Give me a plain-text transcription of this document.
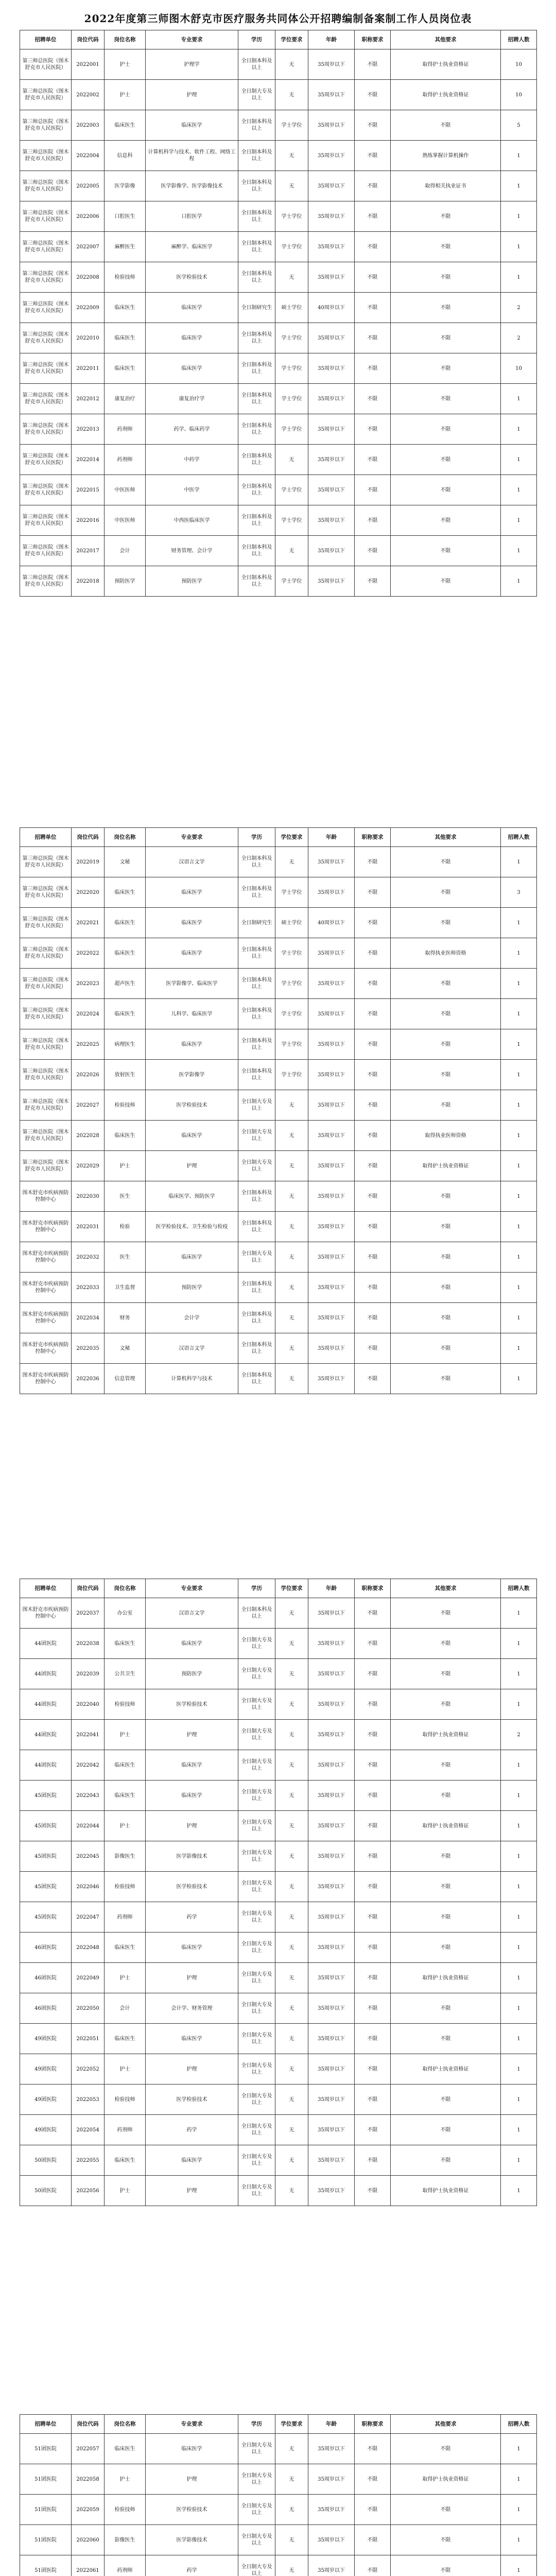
2022年度第三师图木舒克市医疗服务共同体公开招聘编制备案制工作人员岗位表
招聘单位	岗位代码	岗位名称	专业要求	学历	学位要求	年龄	职称要求	其他要求	招聘人数
第三师总医院（图木舒克市人民医院）	2022001	护士	护理学	全日制本科及以上	无	35周岁以下	不限	取得护士执业资格证	10
第三师总医院（图木舒克市人民医院）	2022002	护士	护理	全日制大专及以上	无	35周岁以下	不限	取得护士执业资格证	10
第三师总医院（图木舒克市人民医院）	2022003	临床医生	临床医学	全日制本科及以上	学士学位	35周岁以下	不限	不限	5
第三师总医院（图木舒克市人民医院）	2022004	信息科	计算机科学与技术、软件工程、网络工程	全日制本科及以上	无	35周岁以下	不限	熟练掌握计算机操作	1
第三师总医院（图木舒克市人民医院）	2022005	医学影像	医学影像学、医学影像技术	全日制本科及以上	无	35周岁以下	不限	取得相关执业证书	1
第三师总医院（图木舒克市人民医院）	2022006	口腔医生	口腔医学	全日制本科及以上	学士学位	35周岁以下	不限	不限	1
第三师总医院（图木舒克市人民医院）	2022007	麻醉医生	麻醉学、临床医学	全日制本科及以上	学士学位	35周岁以下	不限	不限	1
第三师总医院（图木舒克市人民医院）	2022008	检验技师	医学检验技术	全日制本科及以上	无	35周岁以下	不限	不限	1
第三师总医院（图木舒克市人民医院）	2022009	临床医生	临床医学	全日制研究生	硕士学位	40周岁以下	不限	不限	2
第三师总医院（图木舒克市人民医院）	2022010	临床医生	临床医学	全日制本科及以上	学士学位	35周岁以下	不限	不限	2
第三师总医院（图木舒克市人民医院）	2022011	临床医生	临床医学	全日制本科及以上	学士学位	35周岁以下	不限	不限	10
第三师总医院（图木舒克市人民医院）	2022012	康复治疗	康复治疗学	全日制本科及以上	学士学位	35周岁以下	不限	不限	1
第三师总医院（图木舒克市人民医院）	2022013	药剂师	药学、临床药学	全日制本科及以上	学士学位	35周岁以下	不限	不限	1
第三师总医院（图木舒克市人民医院）	2022014	药剂师	中药学	全日制本科及以上	无	35周岁以下	不限	不限	1
第三师总医院（图木舒克市人民医院）	2022015	中医医师	中医学	全日制本科及以上	学士学位	35周岁以下	不限	不限	1
第三师总医院（图木舒克市人民医院）	2022016	中医医师	中西医临床医学	全日制本科及以上	学士学位	35周岁以下	不限	不限	1
第三师总医院（图木舒克市人民医院）	2022017	会计	财务管理、会计学	全日制本科及以上	无	35周岁以下	不限	不限	1
第三师总医院（图木舒克市人民医院）	2022018	预防医学	预防医学	全日制本科及以上	学士学位	35周岁以下	不限	不限	1
招聘单位	岗位代码	岗位名称	专业要求	学历	学位要求	年龄	职称要求	其他要求	招聘人数
第三师总医院（图木舒克市人民医院）	2022019	文秘	汉语言文学	全日制本科及以上	无	35周岁以下	不限	不限	1
第三师总医院（图木舒克市人民医院）	2022020	临床医生	临床医学	全日制本科及以上	学士学位	35周岁以下	不限	不限	3
第三师总医院（图木舒克市人民医院）	2022021	临床医生	临床医学	全日制研究生	硕士学位	40周岁以下	不限	不限	1
第三师总医院（图木舒克市人民医院）	2022022	临床医生	临床医学	全日制本科及以上	学士学位	35周岁以下	不限	取得执业医师资格	1
第三师总医院（图木舒克市人民医院）	2022023	超声医生	医学影像学、临床医学	全日制本科及以上	学士学位	35周岁以下	不限	不限	1
第三师总医院（图木舒克市人民医院）	2022024	临床医生	儿科学、临床医学	全日制本科及以上	学士学位	35周岁以下	不限	不限	1
第三师总医院（图木舒克市人民医院）	2022025	病理医生	临床医学	全日制本科及以上	学士学位	35周岁以下	不限	不限	1
第三师总医院（图木舒克市人民医院）	2022026	放射医生	医学影像学	全日制本科及以上	学士学位	35周岁以下	不限	不限	1
第三师总医院（图木舒克市人民医院）	2022027	检验技师	医学检验技术	全日制大专及以上	无	35周岁以下	不限	不限	1
第三师总医院（图木舒克市人民医院）	2022028	临床医生	临床医学	全日制大专及以上	无	35周岁以下	不限	取得执业医师资格	1
第三师总医院（图木舒克市人民医院）	2022029	护士	护理	全日制大专及以上	无	35周岁以下	不限	取得护士执业资格证	1
图木舒克市疾病预防控制中心	2022030	医生	临床医学、预防医学	全日制本科及以上	无	35周岁以下	不限	不限	1
图木舒克市疾病预防控制中心	2022031	检验	医学检验技术、卫生检验与检疫	全日制本科及以上	无	35周岁以下	不限	不限	1
图木舒克市疾病预防控制中心	2022032	医生	临床医学	全日制大专及以上	无	35周岁以下	不限	不限	1
图木舒克市疾病预防控制中心	2022033	卫生监督	预防医学	全日制本科及以上	无	35周岁以下	不限	不限	1
图木舒克市疾病预防控制中心	2022034	财务	会计学	全日制本科及以上	无	35周岁以下	不限	不限	1
图木舒克市疾病预防控制中心	2022035	文秘	汉语言文学	全日制本科及以上	无	35周岁以下	不限	不限	1
图木舒克市疾病预防控制中心	2022036	信息管理	计算机科学与技术	全日制本科及以上	无	35周岁以下	不限	不限	1
招聘单位	岗位代码	岗位名称	专业要求	学历	学位要求	年龄	职称要求	其他要求	招聘人数
图木舒克市疾病预防控制中心	2022037	办公室	汉语言文学	全日制本科及以上	无	35周岁以下	不限	不限	1
44团医院	2022038	临床医生	临床医学	全日制大专及以上	无	35周岁以下	不限	不限	1
44团医院	2022039	公共卫生	预防医学	全日制大专及以上	无	35周岁以下	不限	不限	1
44团医院	2022040	检验技师	医学检验技术	全日制大专及以上	无	35周岁以下	不限	不限	1
44团医院	2022041	护士	护理	全日制大专及以上	无	35周岁以下	不限	取得护士执业资格证	2
44团医院	2022042	临床医生	临床医学	全日制大专及以上	无	35周岁以下	不限	不限	1
45团医院	2022043	临床医生	临床医学	全日制大专及以上	无	35周岁以下	不限	不限	1
45团医院	2022044	护士	护理	全日制大专及以上	无	35周岁以下	不限	取得护士执业资格证	1
45团医院	2022045	影像医生	医学影像技术	全日制大专及以上	无	35周岁以下	不限	不限	1
45团医院	2022046	检验技师	医学检验技术	全日制大专及以上	无	35周岁以下	不限	不限	1
45团医院	2022047	药剂师	药学	全日制大专及以上	无	35周岁以下	不限	不限	1
46团医院	2022048	临床医生	临床医学	全日制大专及以上	无	35周岁以下	不限	不限	1
46团医院	2022049	护士	护理	全日制大专及以上	无	35周岁以下	不限	取得护士执业资格证	1
46团医院	2022050	会计	会计学、财务管理	全日制大专及以上	无	35周岁以下	不限	不限	1
49团医院	2022051	临床医生	临床医学	全日制大专及以上	无	35周岁以下	不限	不限	1
49团医院	2022052	护士	护理	全日制大专及以上	无	35周岁以下	不限	取得护士执业资格证	1
49团医院	2022053	检验技师	医学检验技术	全日制大专及以上	无	35周岁以下	不限	不限	1
49团医院	2022054	药剂师	药学	全日制大专及以上	无	35周岁以下	不限	不限	1
50团医院	2022055	临床医生	临床医学	全日制大专及以上	无	35周岁以下	不限	不限	1
50团医院	2022056	护士	护理	全日制大专及以上	无	35周岁以下	不限	取得护士执业资格证	1
招聘单位	岗位代码	岗位名称	专业要求	学历	学位要求	年龄	职称要求	其他要求	招聘人数
51团医院	2022057	临床医生	临床医学	全日制大专及以上	无	35周岁以下	不限	不限	1
51团医院	2022058	护士	护理	全日制大专及以上	无	35周岁以下	不限	取得护士执业资格证	1
51团医院	2022059	检验技师	医学检验技术	全日制大专及以上	无	35周岁以下	不限	不限	1
51团医院	2022060	影像医生	医学影像技术	全日制大专及以上	无	35周岁以下	不限	不限	1
51团医院	2022061	药剂师	药学	全日制大专及以上	无	35周岁以下	不限	不限	1
